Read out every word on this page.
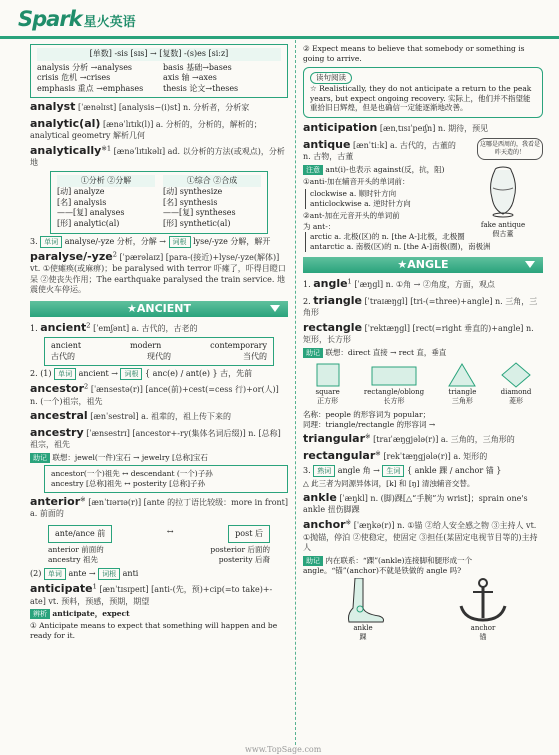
Spark 星火英语
[单数] -sis [sɪs] → [复数] -(s)es [siːz]
analysis 分析 →analyses	basis 基础→bases
crisis 危机 →crises	axis 轴 →axes
emphasis 重点 →emphases	thesis 论文→theses
analyst [ˈænəlɪst] [analysis−(i)st] n. 分析者，分析家
analytic(al) [ænəˈlɪtɪk(l)] a. 分析的，分析的，解析的；analytical geometry 解析几何
analytically$^{※1}$ [ænəˈlɪtɪkəlɪ] ad. 以分析的方法(或观点)，分析地
①分析 ②分解	①综合 ②合成
[动] analyze	[动] synthesize
[名] analysis	[名] synthesis
——[复] analyses	——[复] syntheses
[形] analytic(al)	[形] synthetic(al)
3. 单词 analyse/-yze 分析，分解 → 词根 lyse/-yze 分解，解开
paralyse/-yze$^2$ [ˈpærəlaɪz] [para-(接近)+lyse/-yze(解体)] vt. ①使瘫痪(或麻痹)；be paralysed with terror 吓瘫了，吓得目瞪口呆 ②使丧失作用；The earthquake paralysed the train service. 地震使火车停运。
★ANCIENT
1. ancient$^2$ [ˈemʃənt] a. 古代的，古老的
ancient	modern	contemporary
古代的	现代的	当代的
2. (1) 单词 ancient → 词根 { anc(e) / ant(e) } 古，先前
ancestor$^2$ [ˈænsestə(r)] [ance(前)+cest(=cess 行)+or(人)] n. (一个)祖宗，祖先
ancestral [ænˈsestrəl] a. 祖辈的，祖上传下来的
ancestry [ˈænsestrɪ] [ancestor+-ry(集体名词后缀)] n. [总称]祖宗，祖先
助记 联想：jewel(一件)宝石 → jewelry [总称]宝石
ancestor(一个)祖先 ↔ descendant (一个)子孙
ancestry [总称]祖先 ↔ posterity [总称]子孙
anterior※ [ænˈtɪərɪə(r)] [ante 的拉丁语比较级：more in front] a. 前面的
ante/ance 前	↔	post 后
anterior 前面的	posterior 后面的
ancestry 祖先	posterity 后裔
(2) 单词 ante → 词根 anti
anticipate$^1$ [ænˈtɪsɪpeɪt] [anti-(先，预)+cip(=to take)+-ate] vt. 预料，预感，预期，期望
辨析 anticipate，expect
① Anticipate means to expect that something will happen and be ready for it.
② Expect means to believe that somebody or something is going to arrive.
读句阅读
☆ Realistically, they do not anticipate a return to the peak years, but expect ongoing recovery. 实际上，他们并不指望能重拾旧日辉煌，但是也确信一定能逐渐地改善。
anticipation [ænˌtɪsɪˈpeɪʃn] n. 期待，预见
antique [ænˈtiːk] a. 古代的，古董的 n. 古物，古董
注意 ant(i)-也表示 against(反，抗，阻)
①anti-加在辅音开头的单词前：
clockwise a. 顺时针方向
anticlockwise a. 逆时针方向
②ant-加在元音开头的单词前
为 ant-：
这哪是西周的，我看是昨天造的！
fake antique
假古董
arctic a. 北极(区)的 n. [the A-]北极，北极圈
antarctic a. 南极(区)的 n. [the A-]南极(圈)，南极洲
★ANGLE
1. angle$^1$ [ˈæŋgl] n. ①角 → ②角度，方面，观点
2. triangle [ˈtraɪæŋgl] [tri-(=three)+angle] n. 三角，三角形
rectangle [ˈrektæŋgl] [rect(=right 垂直的)+angle] n. 矩形，长方形
助记 联想：direct 直接 → rect 直，垂直
square
正方形
rectangle/oblong
长方形
triangle
三角形
diamond
菱形
名称：people 的形容词为 popular；
同理：triangle/rectangle 的形容词 →
triangular※ [traɪˈæŋgjələ(r)] a. 三角的，三角形的
rectangular※ [rekˈtæŋgjələ(r)] a. 矩形的
3. 熟词 angle 角 → 生词 { ankle 踝 / anchor 锚 }
△ 此三者为同源异体词，[k] 和 [ŋ] 清浊辅音交替。
ankle [ˈæŋkl] n. (脚)踝[△“手腕”为 wrist]；sprain one's ankle 扭伤脚踝
anchor※ [ˈæŋkə(r)] n. ①锚 ②给人安全感之物 ③主持人 vt. ①抛锚，停泊 ②使稳定，使固定 ③担任(某固定电视节目等的)主持人
助记 内在联系：“踝”(ankle)连接脚和腿形成一个 angle。“锚”(anchor)不就是铁做的 angle 吗?
ankle
踝
anchor
锚
www.TopSage.com
